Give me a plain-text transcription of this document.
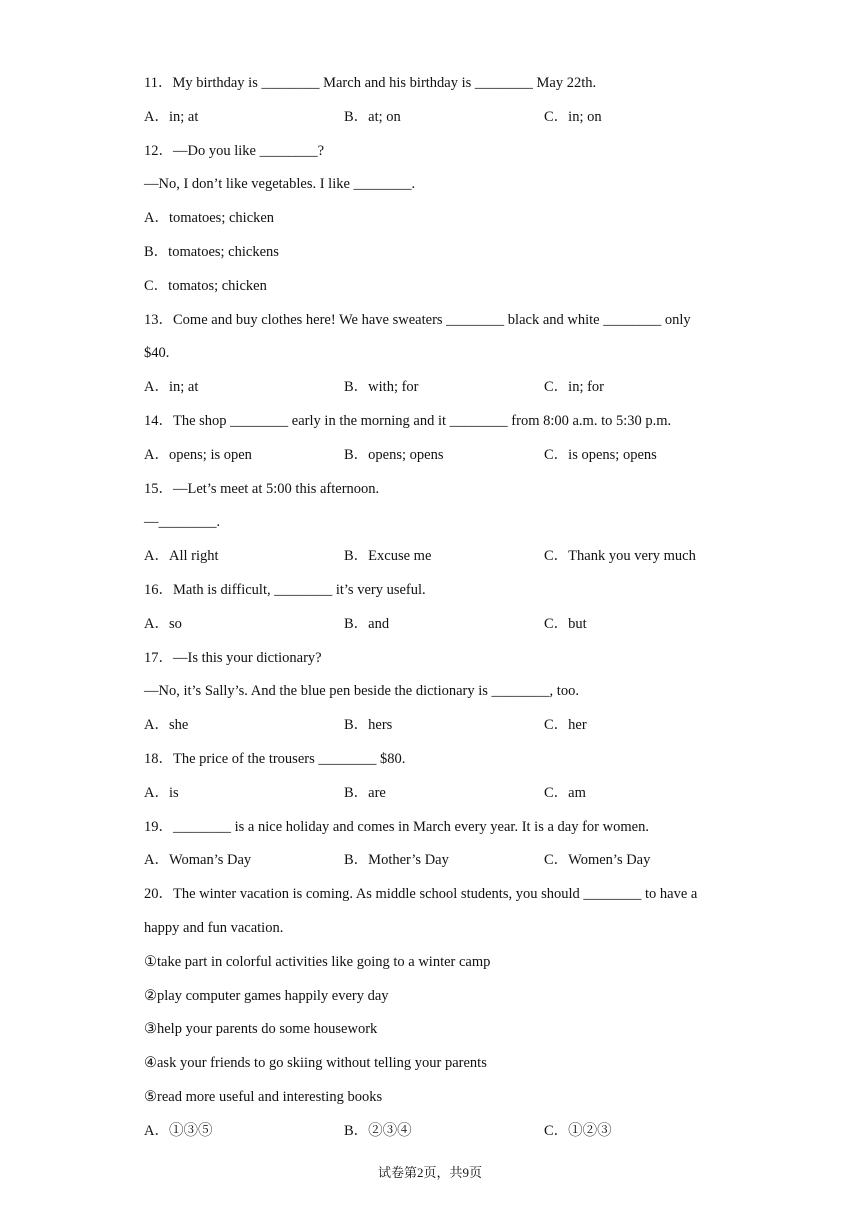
11．My birthday is ________ March and his birthday is ________ May 22th.
A．in; at	B．at; on	C．in; on
12．—Do you like ________?
—No, I don’t like vegetables. I like ________.
A．tomatoes; chicken
B．tomatoes; chickens
C．tomatos; chicken
13．Come and buy clothes here! We have sweaters ________ black and white ________ only
$40.
A．in; at	B．with; for	C．in; for
14．The shop ________ early in the morning and it ________ from 8:00 a.m. to 5:30 p.m.
A．opens; is open	B．opens; opens	C．is opens; opens
15．—Let’s meet at 5:00 this afternoon.
—________.
A．All right	B．Excuse me	C．Thank you very much
16．Math is difficult, ________ it’s very useful.
A．so	B．and	C．but
17．—Is this your dictionary?
—No, it’s Sally’s. And the blue pen beside the dictionary is ________, too.
A．she	B．hers	C．her
18．The price of the trousers ________ $80.
A．is	B．are	C．am
19．________ is a nice holiday and comes in March every year. It is a day for women.
A．Woman’s Day	B．Mother’s Day	C．Women’s Day
20．The winter vacation is coming. As middle school students, you should ________ to have a
happy and fun vacation.
①take part in colorful activities like going to a winter camp
②play computer games happily every day
③help your parents do some housework
④ask your friends to go skiing without telling your parents
⑤read more useful and interesting books
A．①③⑤	B．②③④	C．①②③
试卷第2页，共9页
